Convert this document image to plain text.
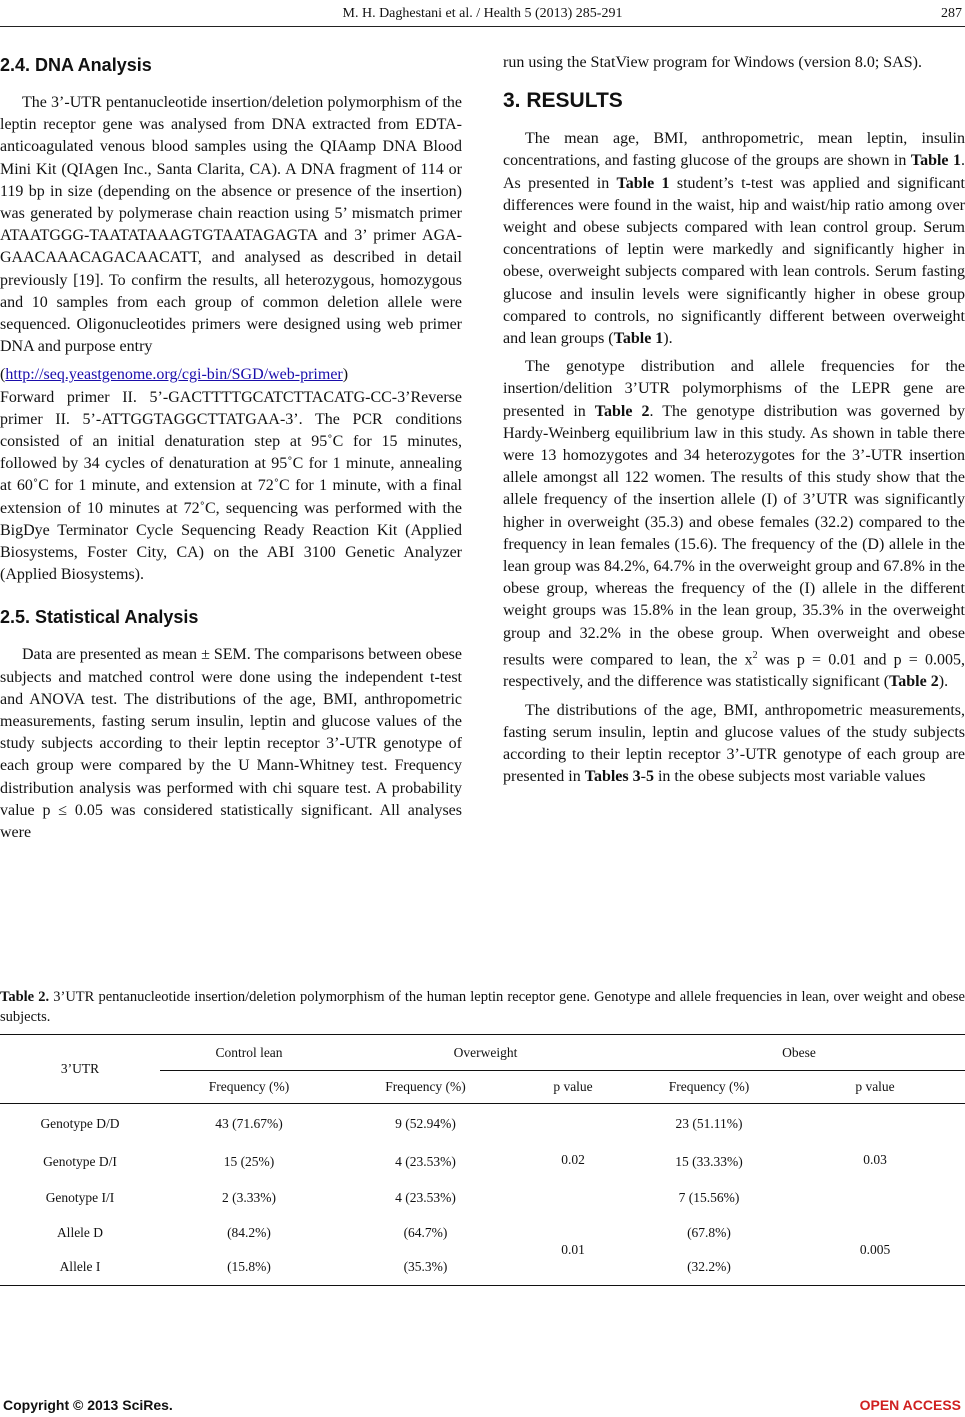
M. H. Daghestani et al. / Health 5 (2013) 285-291	287
2.4. DNA Analysis

The 3’-UTR pentanucleotide insertion/deletion polymorphism of the leptin receptor gene was analysed from DNA extracted from EDTA-anticoagulated venous blood samples using the QIAamp DNA Blood Mini Kit (QIAgen Inc., Santa Clarita, CA). A DNA fragment of 114 or 119 bp in size (depending on the absence or presence of the insertion) was generated by polymerase chain reaction using 5’ mismatch primer ATAATGGG-TAATATAAAGTGTAATAGAGTA and 3’ primer AGA-GAACAAACAGACAACATT, and analysed as described in detail previously [19]. To confirm the results, all heterozygous, homozygous and 10 samples from each group of common deletion allele were sequenced. Oligonucleotides primers were designed using web primer DNA and purpose entry

(http://seq.yeastgenome.org/cgi-bin/SGD/web-primer)

Forward primer II. 5’-GACTTTTGCATCTTACATG-CC-3’Reverse primer II. 5’-ATTGGTAGGCTTATGAA-3’. The PCR conditions consisted of an initial denaturation step at 95˚C for 15 minutes, followed by 34 cycles of denaturation at 95˚C for 1 minute, annealing at 60˚C for 1 minute, and extension at 72˚C for 1 minute, with a final extension of 10 minutes at 72˚C, sequencing was performed with the BigDye Terminator Cycle Sequencing Ready Reaction Kit (Applied Biosystems, Foster City, CA) on the ABI 3100 Genetic Analyzer (Applied Biosystems).

2.5. Statistical Analysis

Data are presented as mean ± SEM. The comparisons between obese subjects and matched control were done using the independent t-test and ANOVA test. The distributions of the age, BMI, anthropometric measurements, fasting serum insulin, leptin and glucose values of the study subjects according to their leptin receptor 3’-UTR genotype of each group were compared by the U Mann-Whitney test. Frequency distribution analysis was performed with chi square test. A probability value p ≤ 0.05 was considered statistically significant. All analyses were

run using the StatView program for Windows (version 8.0; SAS).

3. RESULTS

The mean age, BMI, anthropometric, mean leptin, insulin concentrations, and fasting glucose of the groups are shown in Table 1. As presented in Table 1 student’s t-test was applied and significant differences were found in the waist, hip and waist/hip ratio among over weight and obese subjects compared with lean control group. Serum concentrations of leptin were markedly and significantly higher in obese, overweight subjects compared with lean controls. Serum fasting glucose and insulin levels were significantly higher in obese group compared to controls, no significantly different between overweight and lean groups (Table 1).

The genotype distribution and allele frequencies for the insertion/delition 3’UTR polymorphisms of the LEPR gene are presented in Table 2. The genotype distribution was governed by Hardy-Weinberg equilibrium law in this study. As shown in table there were 13 homozygotes and 34 heterozygotes for the 3’-UTR insertion allele amongst all 122 women. The results of this study show that the allele frequency of the insertion allele (I) of 3’UTR was significantly higher in overweight (35.3) and obese females (32.2) compared to the frequency in lean females (15.6). The frequency of the (D) allele in the lean group was 84.2%, 64.7% in the overweight group and 67.8% in the obese group, whereas the frequency of the (I) allele in the different weight groups was 15.8% in the lean group, 35.3% in the overweight group and 32.2% in the obese group. When overweight and obese results were compared to lean, the $x^2$ was p = 0.01 and p = 0.005, respectively, and the difference was statistically significant (Table 2).

The distributions of the age, BMI, anthropometric measurements, fasting serum insulin, leptin and glucose values of the study subjects according to their leptin receptor 3’-UTR genotype of each group are presented in Tables 3-5 in the obese subjects most variable values

Table 2. 3’UTR pentanucleotide insertion/deletion polymorphism of the human leptin receptor gene. Genotype and allele frequencies in lean, over weight and obese subjects.
3’UTR	Control lean	Overweight		Obese	
	Frequency (%)	Frequency (%)	p value	Frequency (%)	p value
Genotype D/D	43 (71.67%)	9 (52.94%)	0.02	23 (51.11%)	0.03
Genotype D/I	15 (25%)	4 (23.53%)		15 (33.33%)	
Genotype I/I	2 (3.33%)	4 (23.53%)		7 (15.56%)	
Allele D	(84.2%)	(64.7%)	0.01	(67.8%)	0.005
Allele I	(15.8%)	(35.3%)		(32.2%)	
Copyright © 2013 SciRes.	OPEN ACCESS
